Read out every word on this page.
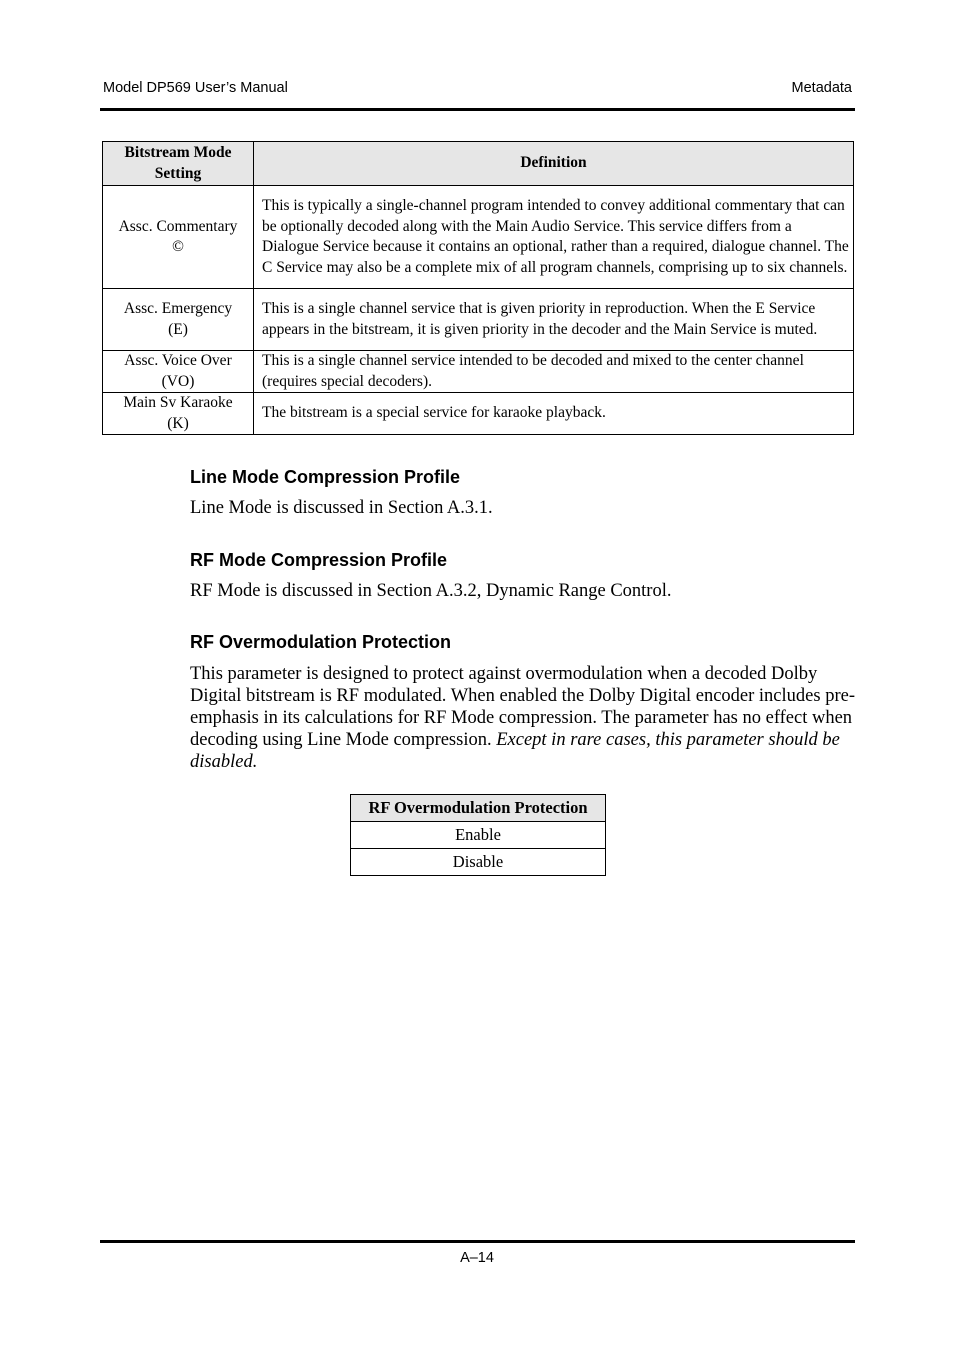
Model DP569 User’s Manual	Metadata
Bitstream Mode Setting	Definition
Assc. Commentary
©	This is typically a single-channel program intended to convey additional commentary that can be optionally decoded along with the Main Audio Service. This service differs from a Dialogue Service because it contains an optional, rather than a required, dialogue channel. The C Service may also be a complete mix of all program channels, comprising up to six channels.
Assc. Emergency
(E)	This is a single channel service that is given priority in reproduction. When the E Service appears in the bitstream, it is given priority in the decoder and the Main Service is muted.
Assc. Voice Over
(VO)	This is a single channel service intended to be decoded and mixed to the center channel (requires special decoders).
Main Sv Karaoke
(K)	The bitstream is a special service for karaoke playback.
Line Mode Compression Profile
Line Mode is discussed in Section A.3.1.
RF Mode Compression Profile
RF Mode is discussed in Section A.3.2, Dynamic Range Control.
RF Overmodulation Protection
This parameter is designed to protect against overmodulation when a decoded Dolby Digital bitstream is RF modulated. When enabled the Dolby Digital encoder includes pre-emphasis in its calculations for RF Mode compression. The parameter has no effect when decoding using Line Mode compression. Except in rare cases, this parameter should be disabled.
RF Overmodulation Protection
Enable
Disable
A–14
